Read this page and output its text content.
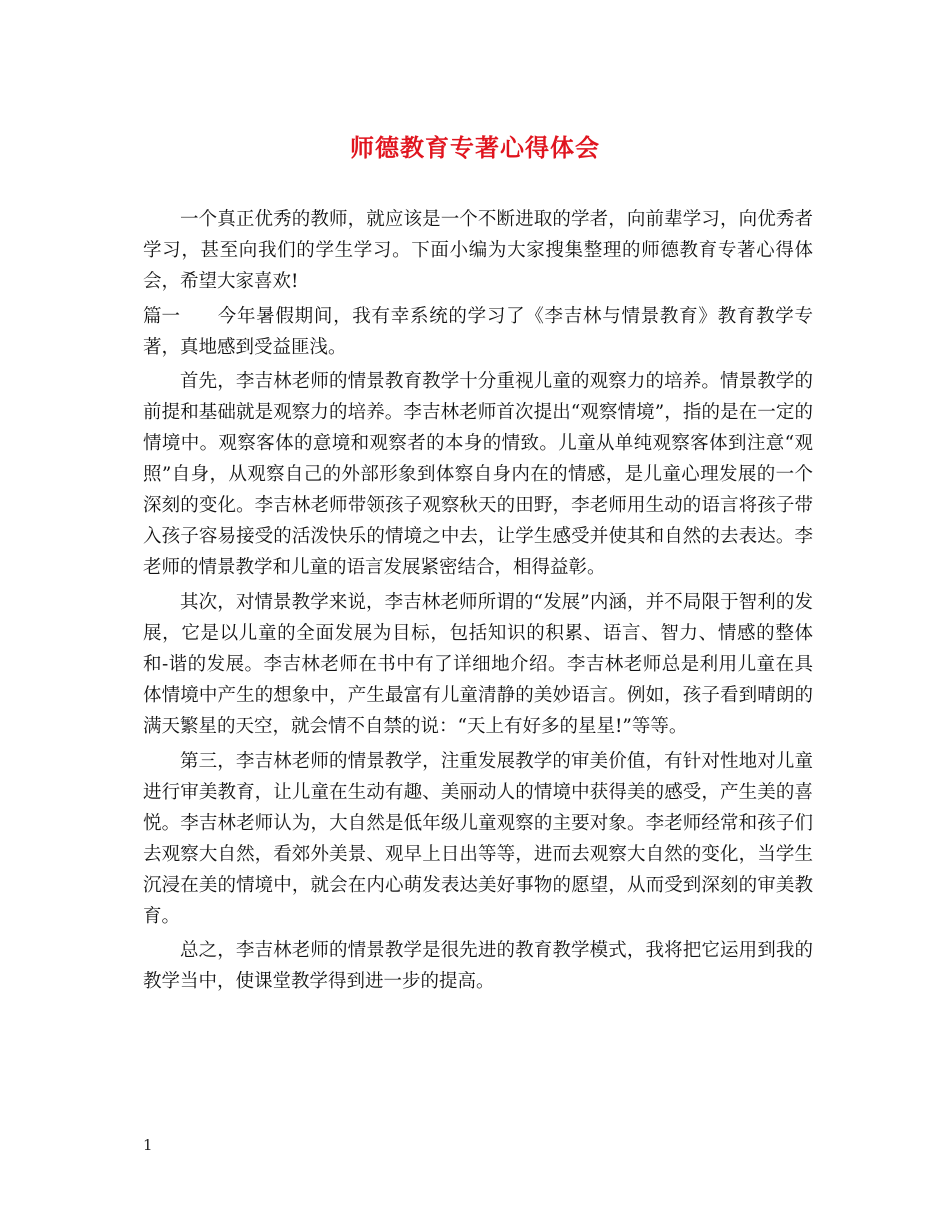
师德教育专著心得体会

一个真正优秀的教师，就应该是一个不断进取的学者，向前辈学习，向优秀者学习，甚至向我们的学生学习。下面小编为大家搜集整理的师德教育专著心得体会，希望大家喜欢!

篇一 今年暑假期间，我有幸系统的学习了《李吉林与情景教育》教育教学专著，真地感到受益匪浅。

首先，李吉林老师的情景教育教学十分重视儿童的观察力的培养。情景教学的前提和基础就是观察力的培养。李吉林老师首次提出“观察情境”，指的是在一定的情境中。观察客体的意境和观察者的本身的情致。儿童从单纯观察客体到注意“观照”自身，从观察自己的外部形象到体察自身内在的情感，是儿童心理发展的一个深刻的变化。李吉林老师带领孩子观察秋天的田野，李老师用生动的语言将孩子带入孩子容易接受的活泼快乐的情境之中去，让学生感受并使其和自然的去表达。李老师的情景教学和儿童的语言发展紧密结合，相得益彰。

其次，对情景教学来说，李吉林老师所谓的“发展”内涵，并不局限于智利的发展，它是以儿童的全面发展为目标，包括知识的积累、语言、智力、情感的整体和-谐的发展。李吉林老师在书中有了详细地介绍。李吉林老师总是利用儿童在具体情境中产生的想象中，产生最富有儿童清静的美妙语言。例如，孩子看到晴朗的满天繁星的天空，就会情不自禁的说：“天上有好多的星星!”等等。

第三，李吉林老师的情景教学，注重发展教学的审美价值，有针对性地对儿童进行审美教育，让儿童在生动有趣、美丽动人的情境中获得美的感受，产生美的喜悦。李吉林老师认为，大自然是低年级儿童观察的主要对象。李老师经常和孩子们去观察大自然，看郊外美景、观早上日出等等，进而去观察大自然的变化，当学生沉浸在美的情境中，就会在内心萌发表达美好事物的愿望，从而受到深刻的审美教育。

总之，李吉林老师的情景教学是很先进的教育教学模式，我将把它运用到我的教学当中，使课堂教学得到进一步的提高。

1
